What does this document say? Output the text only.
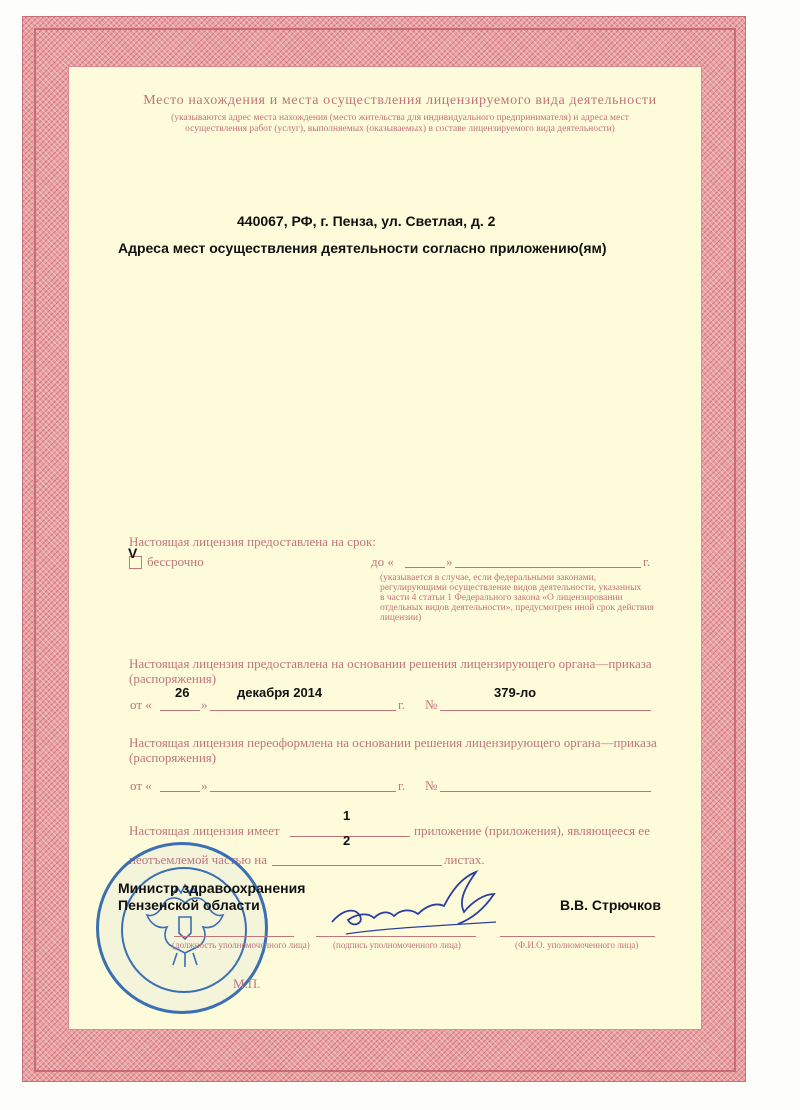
Место нахождения и места осуществления лицензируемого вида деятельности
(указываются адрес места нахождения (место жительства для индивидуального предпринимателя) и адреса мест
осуществления работ (услуг), выполняемых (оказываемых) в составе лицензируемого вида деятельности)
440067, РФ, г. Пенза, ул. Светлая, д. 2
Адреса мест осуществления деятельности согласно приложению(ям)
Настоящая лицензия предоставлена на срок:
V
бессрочно	до «	»	г.
(указывается в случае, если федеральными законами,
регулирующими осуществление видов деятельности, указанных
в части 4 статьи 1 Федерального закона «О лицензировании
отдельных видов деятельности», предусмотрен иной срок действия
лицензии)
Настоящая лицензия предоставлена на основании решения лицензирующего органа—приказа
(распоряжения)
26	декабря 2014	379-ло
от «	»	г. №
Настоящая лицензия переоформлена на основании решения лицензирующего органа—приказа
(распоряжения)
от «	»	г. №
1
Настоящая лицензия имеет	приложение (приложения), являющееся ее
2
неотъемлемой частью на	листах.
Министр здравоохранения
Пензенской области	В.В. Стрючков
(должность уполномоченного лица)	(подпись уполномоченного лица)	(Ф.И.О. уполномоченного лица)
М.П.
